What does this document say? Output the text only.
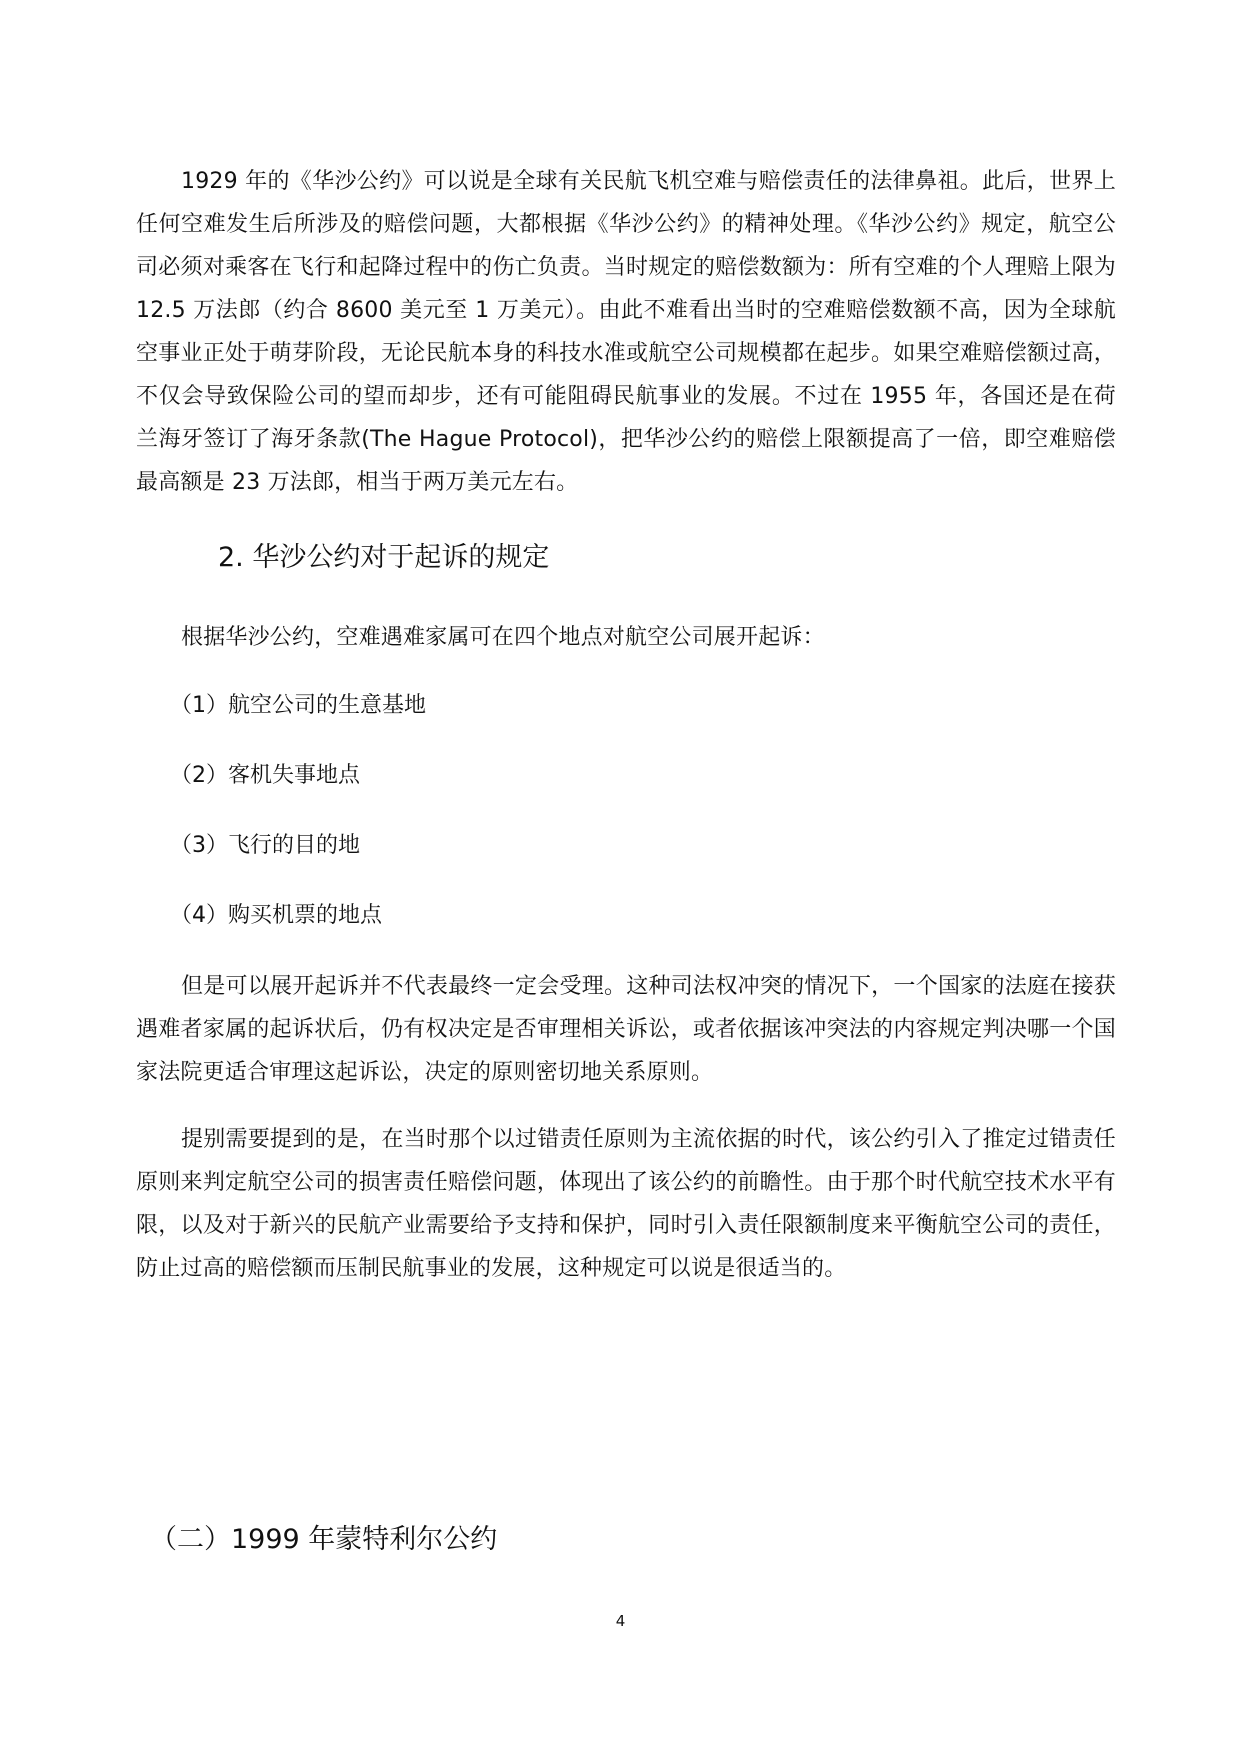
1929 年的《华沙公约》可以说是全球有关民航飞机空难与赔偿责任的法律鼻祖。此后，世界上任何空难发生后所涉及的赔偿问题，大都根据《华沙公约》的精神处理。《华沙公约》规定，航空公司必须对乘客在飞行和起降过程中的伤亡负责。当时规定的赔偿数额为：所有空难的个人理赔上限为 12.5 万法郎（约合 8600 美元至 1 万美元）。由此不难看出当时的空难赔偿数额不高，因为全球航空事业正处于萌芽阶段，无论民航本身的科技水准或航空公司规模都在起步。如果空难赔偿额过高，不仅会导致保险公司的望而却步，还有可能阻碍民航事业的发展。不过在 1955 年，各国还是在荷兰海牙签订了海牙条款(The Hague Protocol)，把华沙公约的赔偿上限额提高了一倍，即空难赔偿最高额是 23 万法郎，相当于两万美元左右。

2. 华沙公约对于起诉的规定

根据华沙公约，空难遇难家属可在四个地点对航空公司展开起诉：

（1）航空公司的生意基地

（2）客机失事地点

（3）飞行的目的地

（4）购买机票的地点

但是可以展开起诉并不代表最终一定会受理。这种司法权冲突的情况下，一个国家的法庭在接获遇难者家属的起诉状后，仍有权决定是否审理相关诉讼，或者依据该冲突法的内容规定判决哪一个国家法院更适合审理这起诉讼，决定的原则密切地关系原则。

提别需要提到的是，在当时那个以过错责任原则为主流依据的时代，该公约引入了推定过错责任原则来判定航空公司的损害责任赔偿问题，体现出了该公约的前瞻性。由于那个时代航空技术水平有限，以及对于新兴的民航产业需要给予支持和保护，同时引入责任限额制度来平衡航空公司的责任，防止过高的赔偿额而压制民航事业的发展，这种规定可以说是很适当的。

（二）1999 年蒙特利尔公约
4
